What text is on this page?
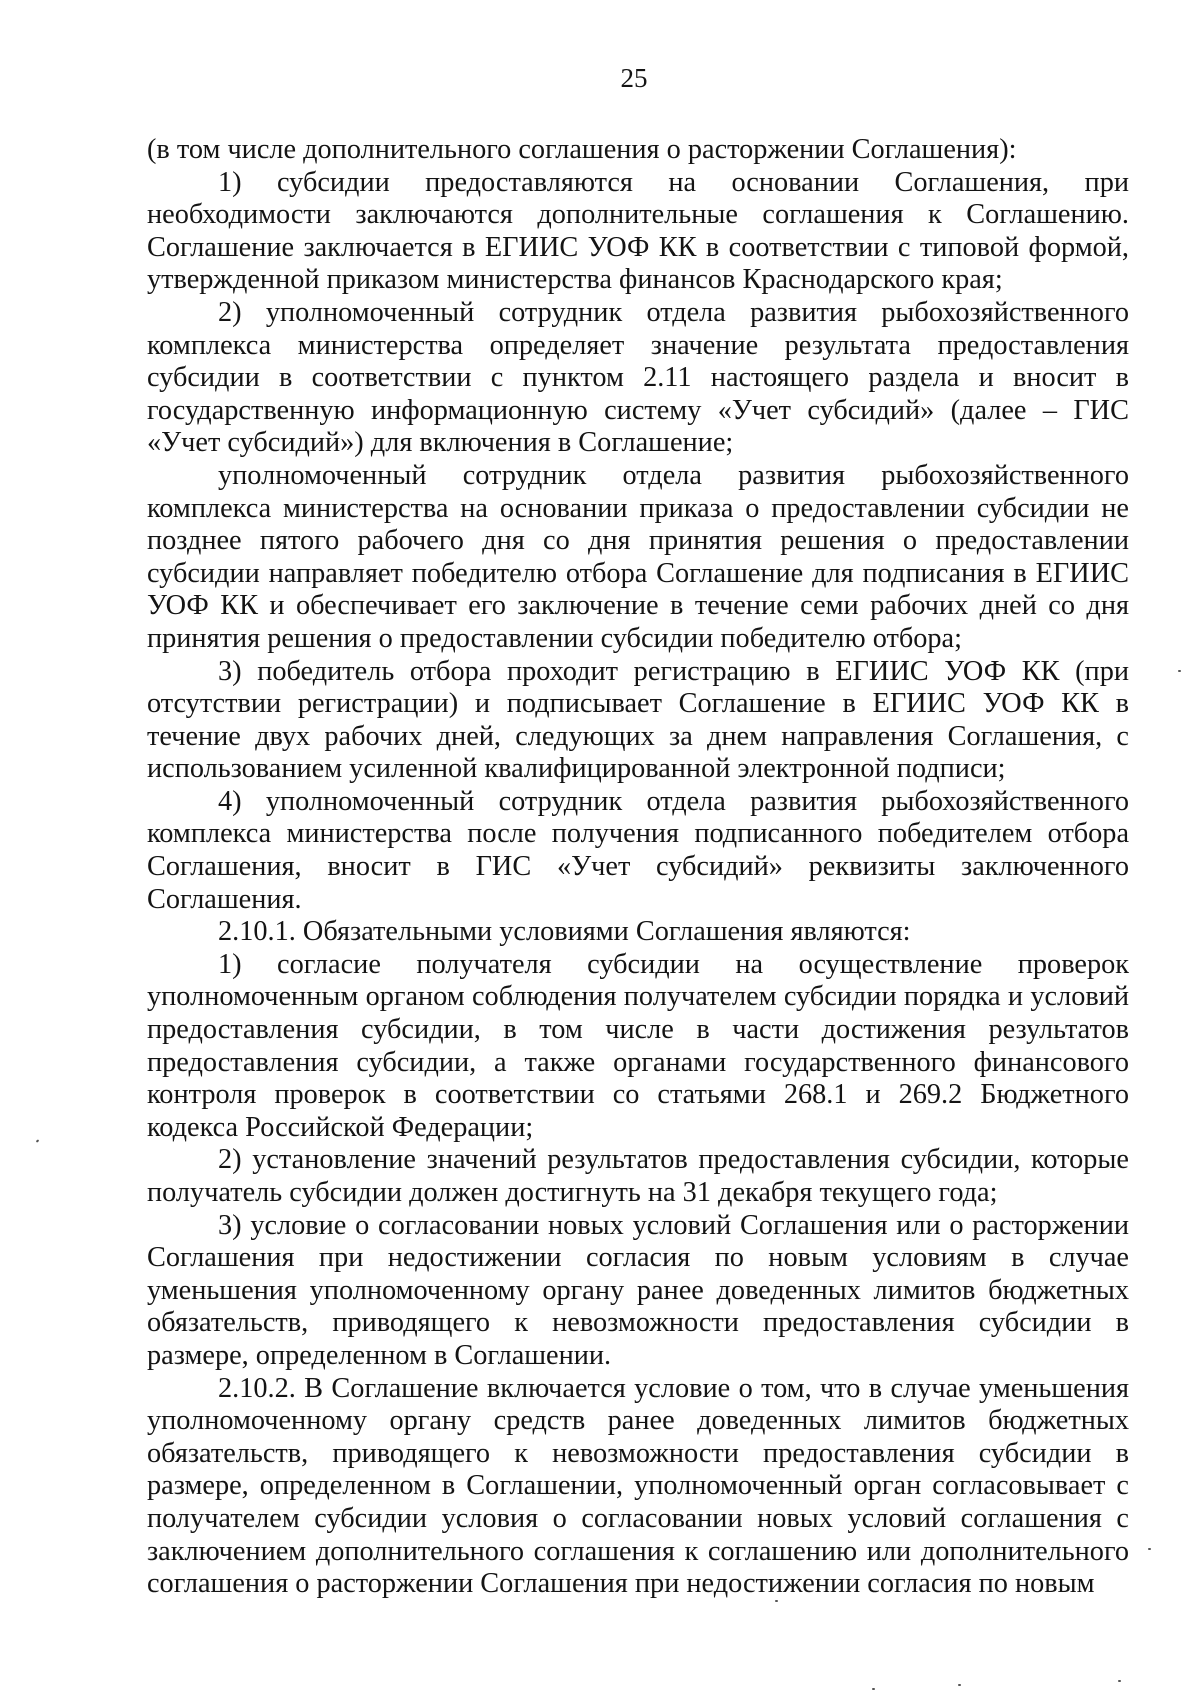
25

(в том числе дополнительного соглашения о расторжении Соглашения):

1) субсидии предоставляются на основании Соглашения, при необходимости заключаются дополнительные соглашения к Соглашению. Соглашение заключается в ЕГИИС УОФ КК в соответствии с типовой формой, утвержденной приказом министерства финансов Краснодарского края;

2) уполномоченный сотрудник отдела развития рыбохозяйственного комплекса министерства определяет значение результата предоставления субсидии в соответствии с пунктом 2.11 настоящего раздела и вносит в государственную информационную систему «Учет субсидий» (далее – ГИС «Учет субсидий») для включения в Соглашение;

уполномоченный сотрудник отдела развития рыбохозяйственного комплекса министерства на основании приказа о предоставлении субсидии не позднее пятого рабочего дня со дня принятия решения о предоставлении субсидии направляет победителю отбора Соглашение для подписания в ЕГИИС УОФ КК и обеспечивает его заключение в течение семи рабочих дней со дня принятия решения о предоставлении субсидии победителю отбора;

3) победитель отбора проходит регистрацию в ЕГИИС УОФ КК (при отсутствии регистрации) и подписывает Соглашение в ЕГИИС УОФ КК в течение двух рабочих дней, следующих за днем направления Соглашения, с использованием усиленной квалифицированной электронной подписи;

4) уполномоченный сотрудник отдела развития рыбохозяйственного комплекса министерства после получения подписанного победителем отбора Соглашения, вносит в ГИС «Учет субсидий» реквизиты заключенного Соглашения.

2.10.1. Обязательными условиями Соглашения являются:

1) согласие получателя субсидии на осуществление проверок уполномоченным органом соблюдения получателем субсидии порядка и условий предоставления субсидии, в том числе в части достижения результатов предоставления субсидии, а также органами государственного финансового контроля проверок в соответствии со статьями 268.1 и 269.2 Бюджетного кодекса Российской Федерации;

2) установление значений результатов предоставления субсидии, которые получатель субсидии должен достигнуть на 31 декабря текущего года;

3) условие о согласовании новых условий Соглашения или о расторжении Соглашения при недостижении согласия по новым условиям в случае уменьшения уполномоченному органу ранее доведенных лимитов бюджетных обязательств, приводящего к невозможности предоставления субсидии в размере, определенном в Соглашении.

2.10.2. В Соглашение включается условие о том, что в случае уменьшения уполномоченному органу средств ранее доведенных лимитов бюджетных обязательств, приводящего к невозможности предоставления субсидии в размере, определенном в Соглашении, уполномоченный орган согласовывает с получателем субсидии условия о согласовании новых условий соглашения с заключением дополнительного соглашения к соглашению или дополнительного соглашения о расторжении Соглашения при недостижении согласия по новым
